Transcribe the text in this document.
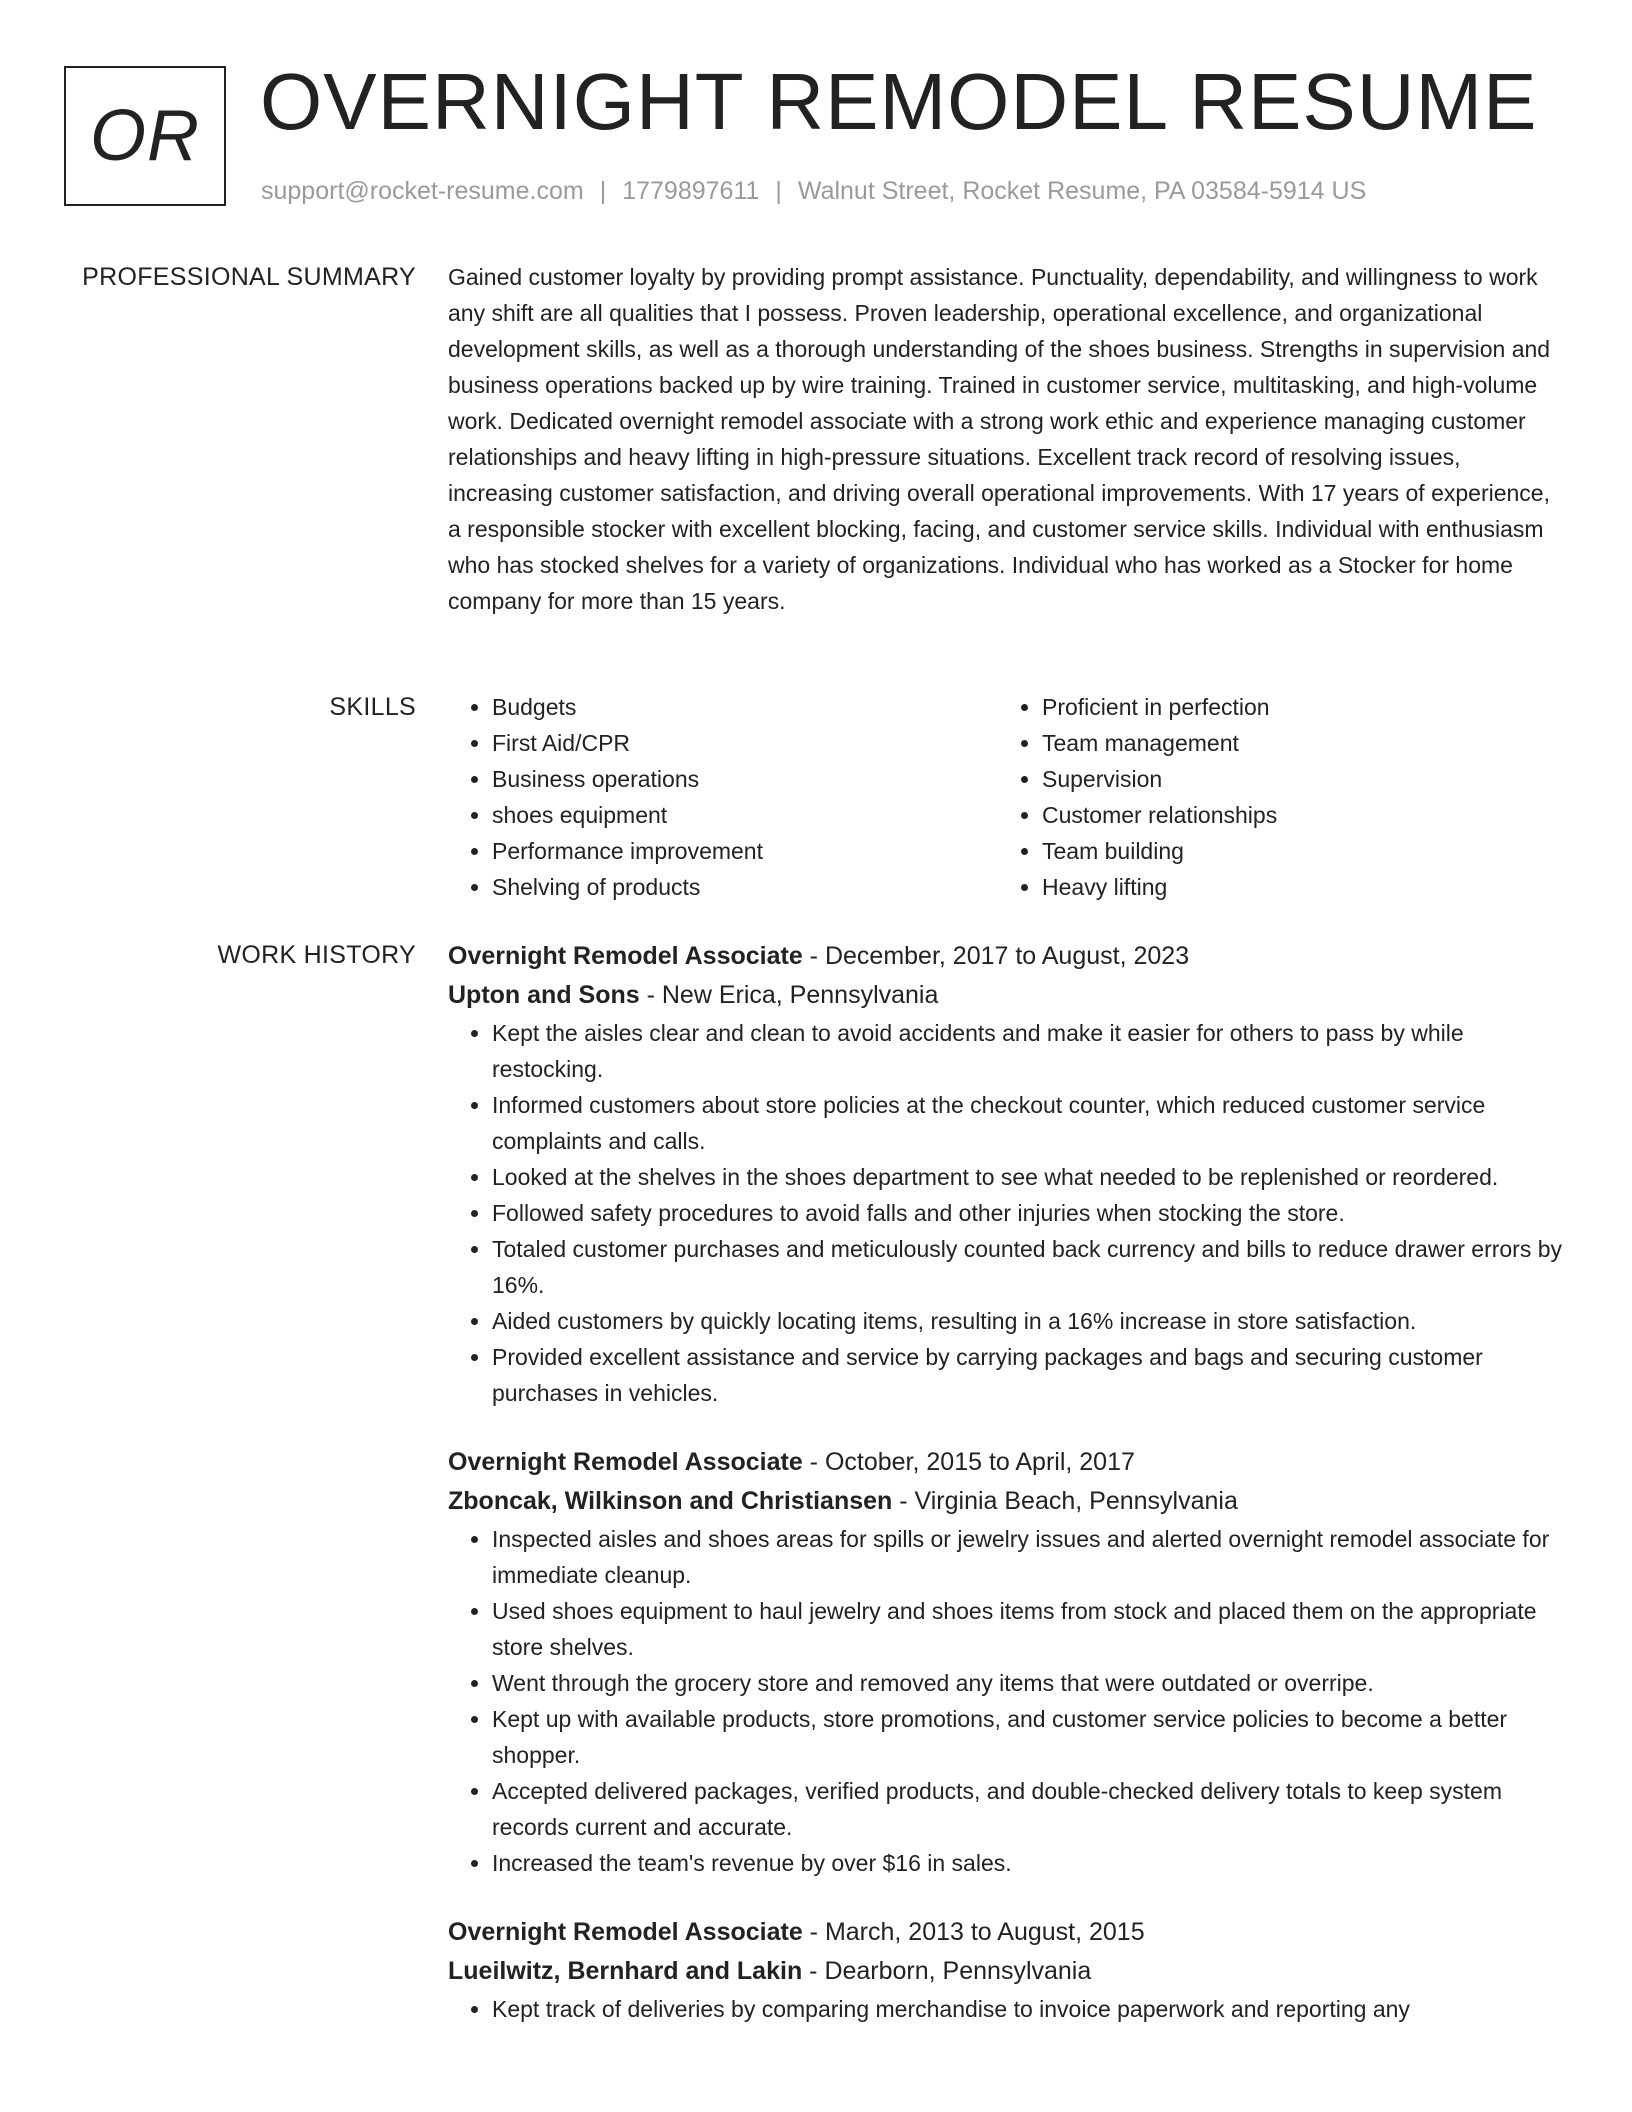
OR OVERNIGHT REMODEL RESUME
support@rocket-resume.com | 1779897611 | Walnut Street, Rocket Resume, PA 03584-5914 US
PROFESSIONAL SUMMARY Gained customer loyalty by providing prompt assistance. Punctuality, dependability, and willingness to work any shift are all qualities that I possess. Proven leadership, operational excellence, and organizational development skills, as well as a thorough understanding of the shoes business. Strengths in supervision and business operations backed up by wire training. Trained in customer service, multitasking, and high-volume work. Dedicated overnight remodel associate with a strong work ethic and experience managing customer relationships and heavy lifting in high-pressure situations. Excellent track record of resolving issues, increasing customer satisfaction, and driving overall operational improvements. With 17 years of experience, a responsible stocker with excellent blocking, facing, and customer service skills. Individual with enthusiasm who has stocked shelves for a variety of organizations. Individual who has worked as a Stocker for home company for more than 15 years.

SKILLS
•	Budgets
• First Aid/CPR
• Business operations
• shoes equipment
• Performance improvement
• Shelving of products
• Proficient in perfection
• Team management
• Supervision
• Customer relationships
• Team building
• Heavy lifting
WORK HISTORY Overnight Remodel Associate - December, 2017 to August, 2023
Upton and Sons - New Erica, Pennsylvania
• Kept the aisles clear and clean to avoid accidents and make it easier for others to pass by while restocking.
• Informed customers about store policies at the checkout counter, which reduced customer service complaints and calls.
• Looked at the shelves in the shoes department to see what needed to be replenished or reordered.
• Followed safety procedures to avoid falls and other injuries when stocking the store.
• Totaled customer purchases and meticulously counted back currency and bills to reduce drawer errors by 16%.
• Aided customers by quickly locating items, resulting in a 16% increase in store satisfaction.
• Provided excellent assistance and service by carrying packages and bags and securing customer purchases in vehicles.
Overnight Remodel Associate - October, 2015 to April, 2017
Zboncak, Wilkinson and Christiansen - Virginia Beach, Pennsylvania
• Inspected aisles and shoes areas for spills or jewelry issues and alerted overnight remodel associate for immediate cleanup.
• Used shoes equipment to haul jewelry and shoes items from stock and placed them on the appropriate store shelves.
• Went through the grocery store and removed any items that were outdated or overripe.
• Kept up with available products, store promotions, and customer service policies to become a better shopper.
• Accepted delivered packages, verified products, and double-checked delivery totals to keep system records current and accurate.
• Increased the team's revenue by over $16 in sales.
Overnight Remodel Associate - March, 2013 to August, 2015
Lueilwitz, Bernhard and Lakin - Dearborn, Pennsylvania
• Kept track of deliveries by comparing merchandise to invoice paperwork and reporting any
